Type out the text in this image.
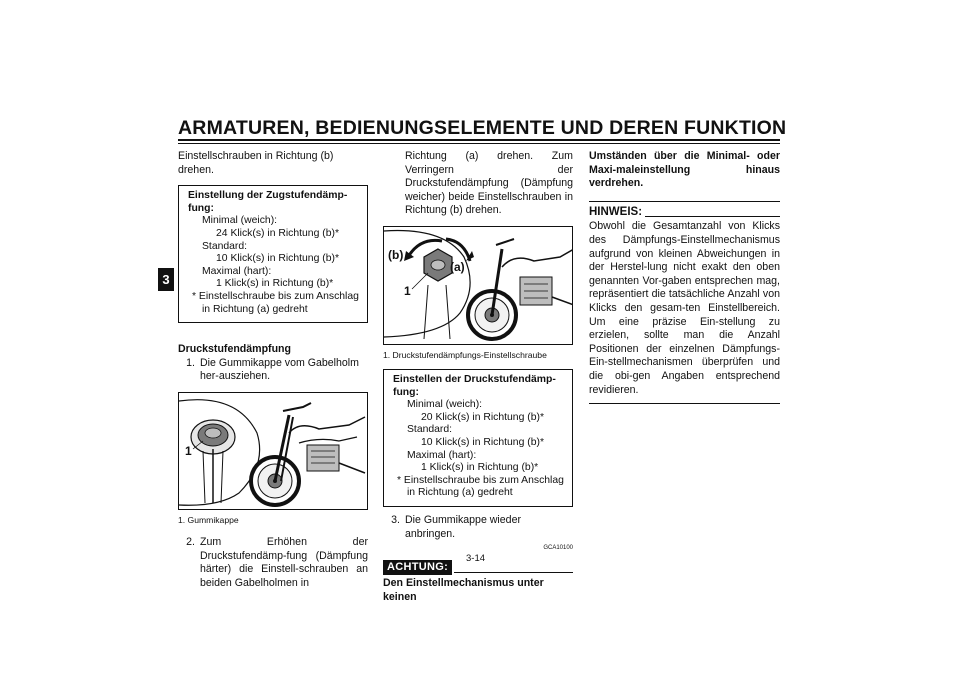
ARMATUREN, BEDIENUNGSELEMENTE UND DEREN FUNKTION
3
Einstellschrauben in Richtung (b) drehen.
Einstellung der Zugstufendämp-fung:
Minimal (weich):
24 Klick(s) in Richtung (b)*
Standard:
10 Klick(s) in Richtung (b)*
Maximal (hart):
1 Klick(s) in Richtung (b)*
* Einstellschraube bis zum Anschlag
in Richtung (a) gedreht
Druckstufendämpfung
1. Die Gummikappe vom Gabelholm her-ausziehen.
1
1. Gummikappe
2. Zum Erhöhen der Druckstufendämp-fung (Dämpfung härter) die Einstell-schrauben an beiden Gabelholmen in
Richtung (a) drehen. Zum Verringern der Druckstufendämpfung (Dämpfung weicher) beide Einstellschrauben in Richtung (b) drehen.
(b)
(a)
1
1. Druckstufendämpfungs-Einstellschraube
Einstellen der Druckstufendämp-fung:
Minimal (weich):
20 Klick(s) in Richtung (b)*
Standard:
10 Klick(s) in Richtung (b)*
Maximal (hart):
1 Klick(s) in Richtung (b)*
* Einstellschraube bis zum Anschlag
in Richtung (a) gedreht
3. Die Gummikappe wieder anbringen.
GCA10100
ACHTUNG:
Den Einstellmechanismus unter keinen
Umständen über die Minimal- oder Maxi-maleinstellung hinaus verdrehen.
HINWEIS:
Obwohl die Gesamtanzahl von Klicks des Dämpfungs-Einstellmechanismus aufgrund von kleinen Abweichungen in der Herstel-lung nicht exakt den oben genannten Vor-gaben entsprechen mag, repräsentiert die tatsächliche Anzahl von Klicks den gesam-ten Einstellbereich. Um eine präzise Ein-stellung zu erzielen, sollte man die Anzahl Positionen der einzelnen Dämpfungs-Ein-stellmechanismen überprüfen und die obi-gen Angaben entsprechend revidieren.
3-14
